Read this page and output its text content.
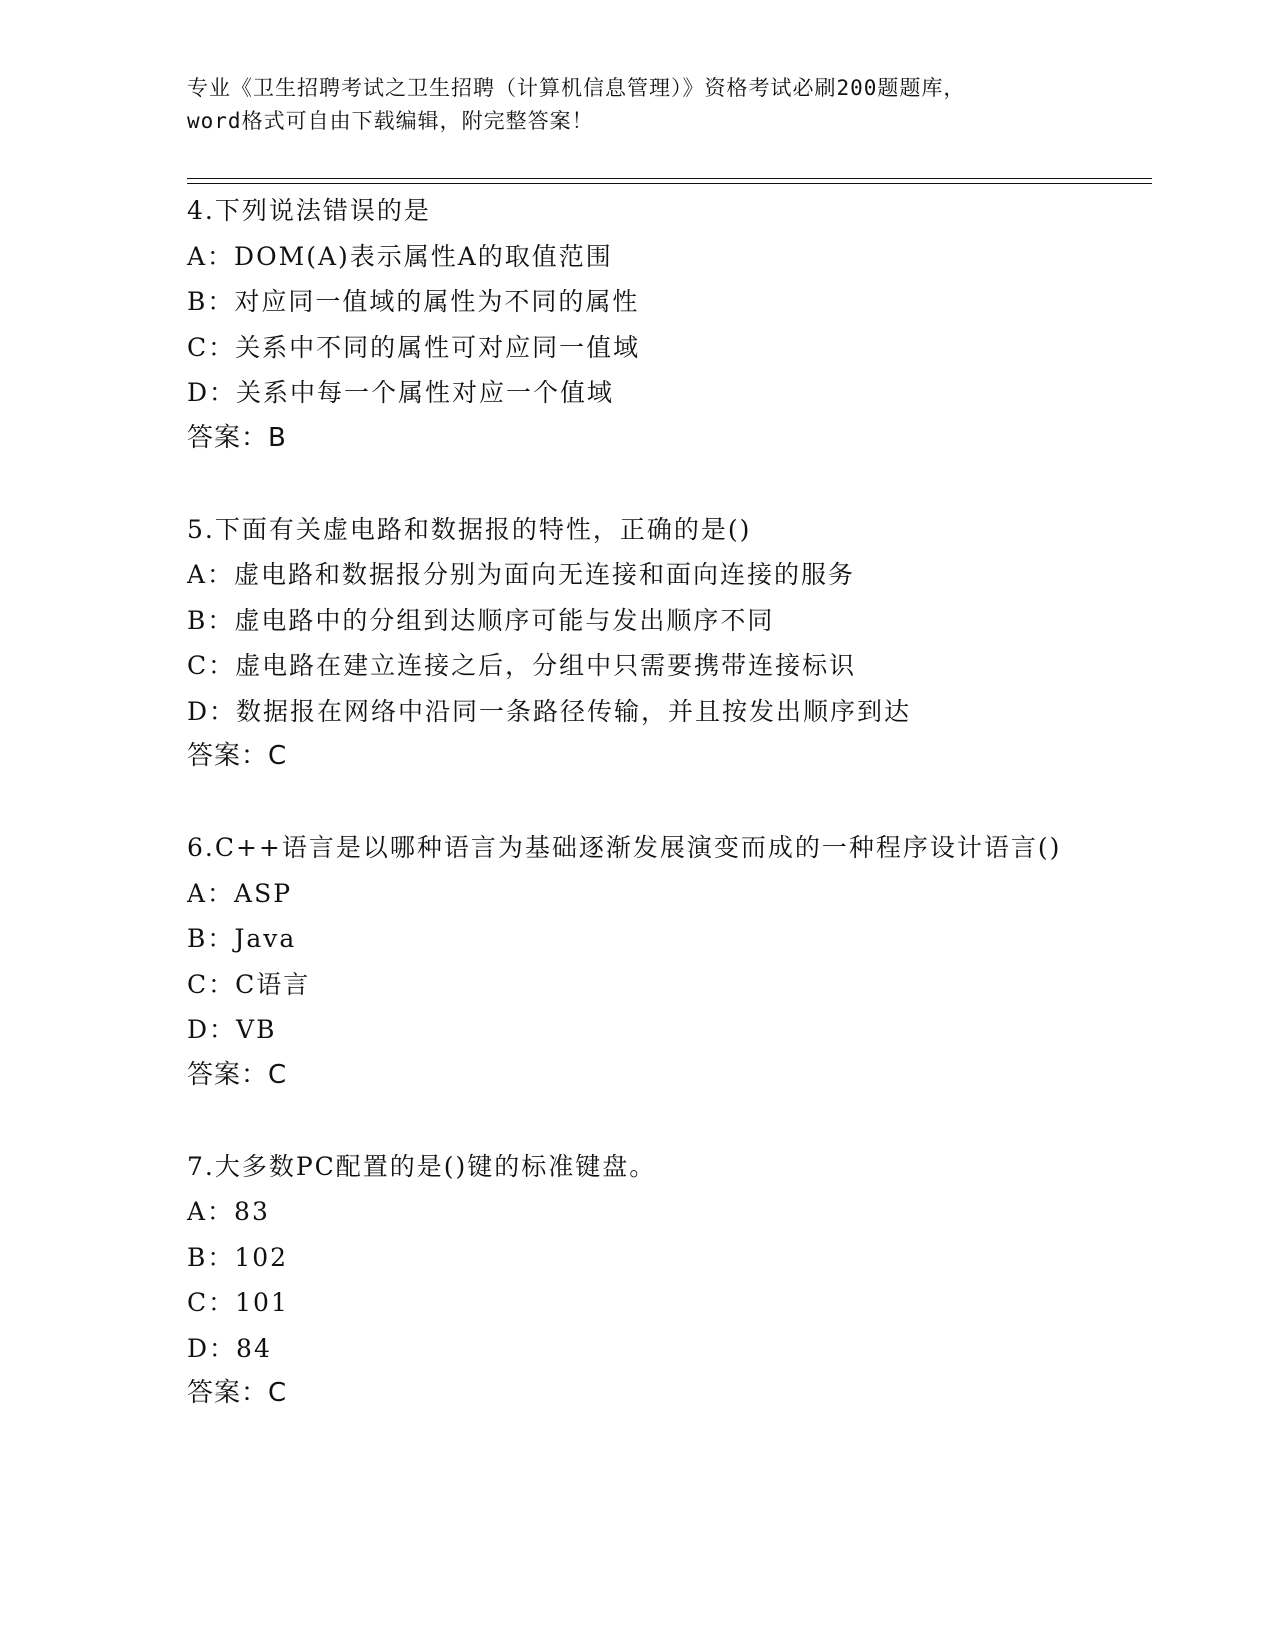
专业《卫生招聘考试之卫生招聘（计算机信息管理）》资格考试必刷200题题库，
word格式可自由下载编辑，附完整答案！
4.下列说法错误的是
A：DOM(A)表示属性A的取值范围
B：对应同一值域的属性为不同的属性
C：关系中不同的属性可对应同一值域
D：关系中每一个属性对应一个值域
答案：B
5.下面有关虚电路和数据报的特性，正确的是()
A：虚电路和数据报分别为面向无连接和面向连接的服务
B：虚电路中的分组到达顺序可能与发出顺序不同
C：虚电路在建立连接之后，分组中只需要携带连接标识
D：数据报在网络中沿同一条路径传输，并且按发出顺序到达
答案：C
6.C++语言是以哪种语言为基础逐渐发展演变而成的一种程序设计语言()
A：ASP
B：Java
C：C语言
D：VB
答案：C
7.大多数PC配置的是()键的标准键盘。
A：83
B：102
C：101
D：84
答案：C
